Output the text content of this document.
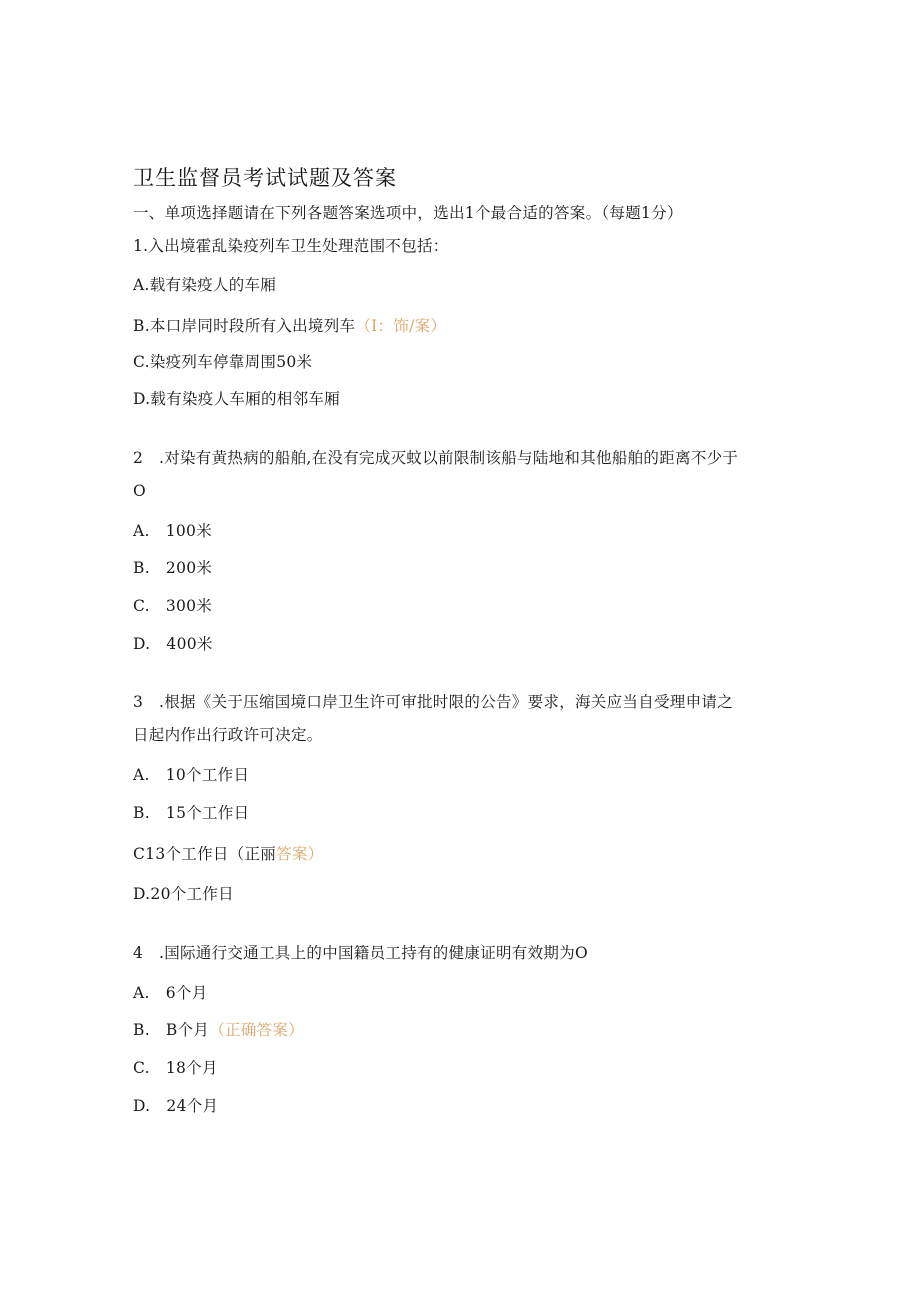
卫生监督员考试试题及答案
一、单项选择题请在下列各题答案选项中，选出1个最合适的答案。（每题1分）
1.入出境霍乱染疫列车卫生处理范围不包括：
A.载有染疫人的车厢
B.本口岸同时段所有入出境列车（I：饰/案）
C.染疫列车停靠周围50米
D.载有染疫人车厢的相邻车厢
2　.对染有黄热病的船舶,在没有完成灭蚊以前限制该船与陆地和其他船舶的距离不少于
O
A. 100米
B. 200米
C. 300米
D. 400米
3　.根据《关于压缩国境口岸卫生许可审批时限的公告》要求，海关应当自受理申请之
日起内作出行政许可决定。
A. 10个工作日
B. 15个工作日
C13个工作日（正丽答案）
D.20个工作日
4　.国际通行交通工具上的中国籍员工持有的健康证明有效期为O
A. 6个月
B. B个月（正确答案）
C. 18个月
D. 24个月
